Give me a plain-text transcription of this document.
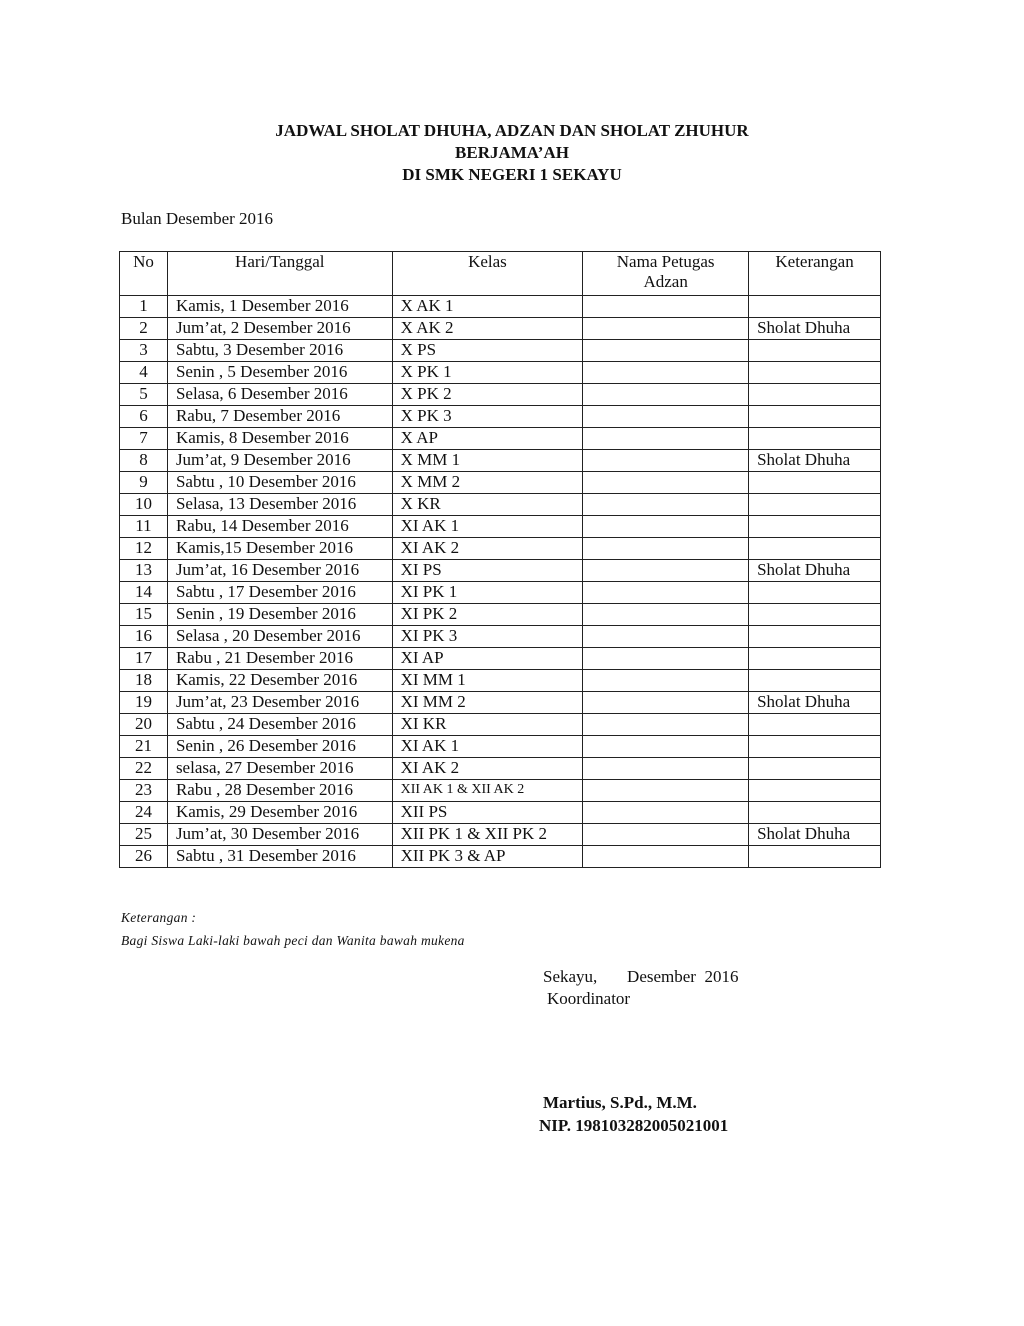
JADWAL SHOLAT DHUHA, ADZAN DAN SHOLAT ZHUHUR
BERJAMA’AH
DI SMK NEGERI 1 SEKAYU
Bulan Desember 2016
No	Hari/Tanggal	Kelas	Nama Petugas Adzan	Keterangan
1	Kamis, 1 Desember 2016	X AK 1		
2	Jum’at, 2 Desember 2016	X AK 2		Sholat Dhuha
3	Sabtu, 3 Desember 2016	X PS		
4	Senin , 5 Desember 2016	X PK 1		
5	Selasa, 6 Desember 2016	X PK 2		
6	Rabu, 7 Desember 2016	X PK 3		
7	Kamis, 8 Desember 2016	X AP		
8	Jum’at, 9 Desember 2016	X MM 1		Sholat Dhuha
9	Sabtu , 10 Desember 2016	X MM 2		
10	Selasa, 13 Desember 2016	X KR		
11	Rabu, 14 Desember 2016	XI AK 1		
12	Kamis,15 Desember 2016	XI AK 2		
13	Jum’at, 16 Desember 2016	XI PS		Sholat Dhuha
14	Sabtu , 17 Desember 2016	XI PK 1		
15	Senin , 19 Desember 2016	XI PK 2		
16	Selasa , 20 Desember 2016	XI PK 3		
17	Rabu , 21 Desember 2016	XI AP		
18	Kamis, 22 Desember 2016	XI MM 1		
19	Jum’at, 23 Desember 2016	XI MM 2		Sholat Dhuha
20	Sabtu , 24 Desember 2016	XI KR		
21	Senin , 26 Desember 2016	XI AK 1		
22	selasa, 27 Desember 2016	XI AK 2		
23	Rabu , 28 Desember 2016	XII AK 1 & XII AK 2		
24	Kamis, 29 Desember 2016	XII PS		
25	Jum’at, 30 Desember 2016	XII PK 1 & XII PK 2		Sholat Dhuha
26	Sabtu , 31 Desember 2016	XII PK 3 & AP		
Keterangan :
Bagi Siswa Laki-laki bawah peci dan Wanita bawah mukena
Sekayu,       Desember  2016
Koordinator
Martius, S.Pd., M.M.
NIP. 198103282005021001
